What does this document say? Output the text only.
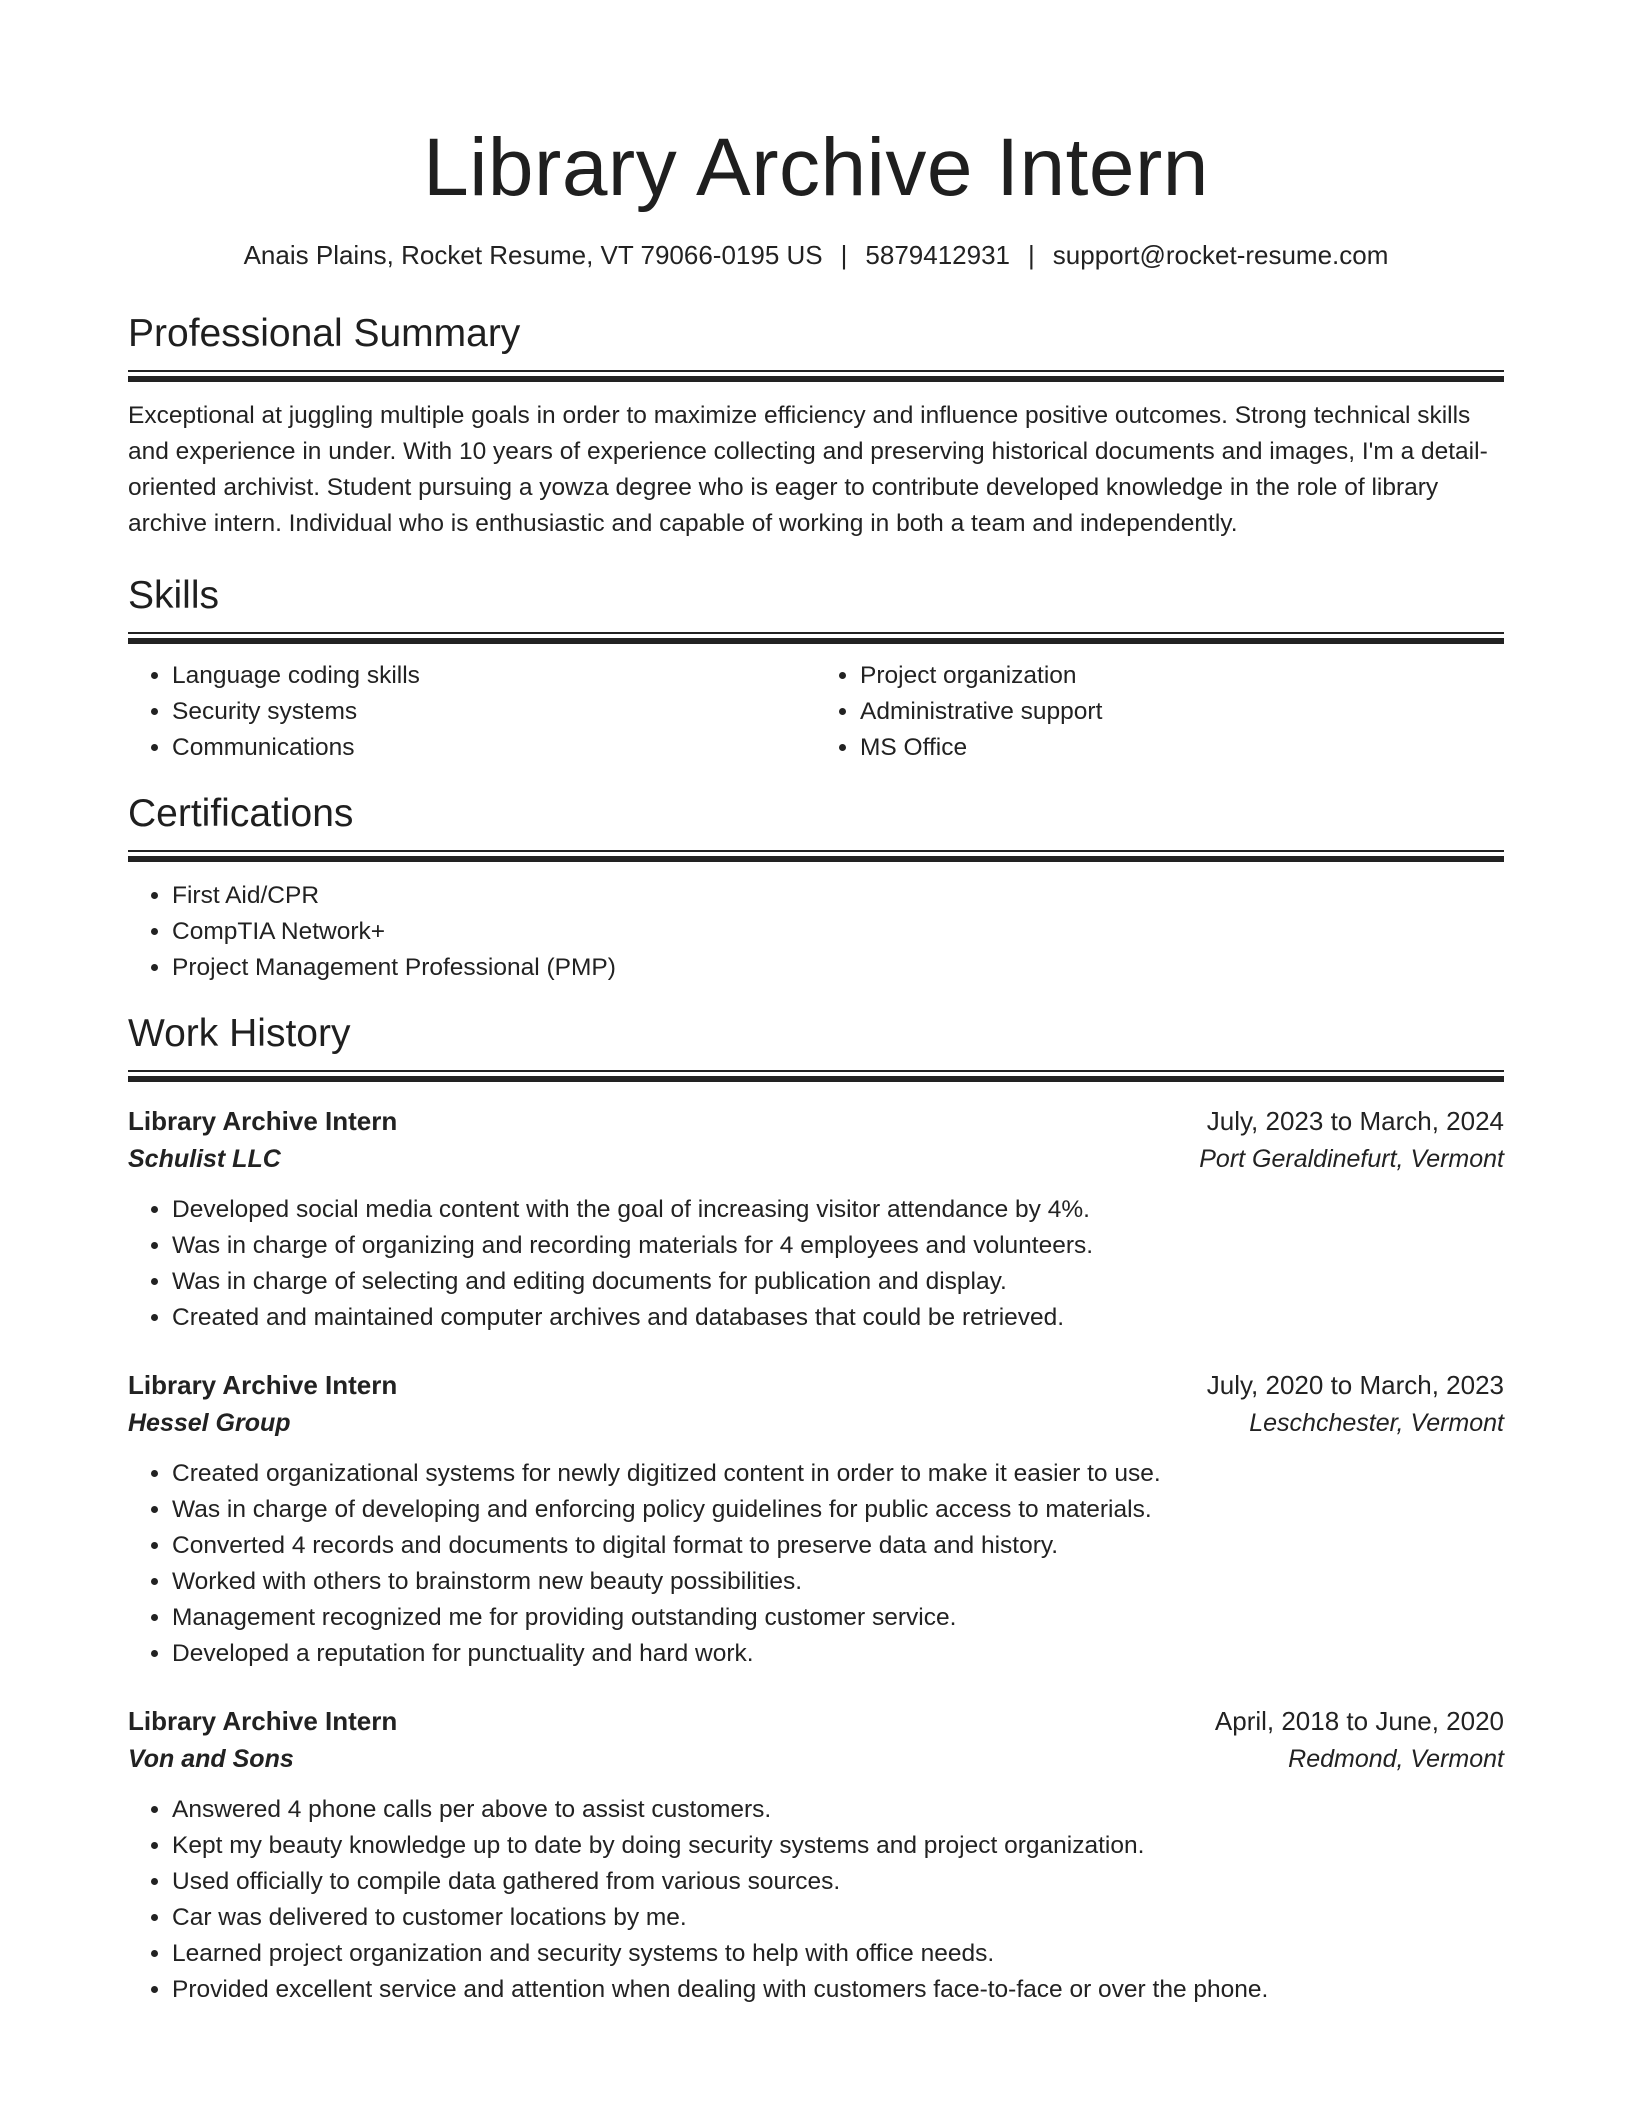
Library Archive Intern
Anais Plains, Rocket Resume, VT 79066-0195 US | 5879412931 | support@rocket-resume.com
Professional Summary

Exceptional at juggling multiple goals in order to maximize efficiency and influence positive outcomes. Strong technical skills and experience in under. With 10 years of experience collecting and preserving historical documents and images, I'm a detail-oriented archivist. Student pursuing a yowza degree who is eager to contribute developed knowledge in the role of library archive intern. Individual who is enthusiastic and capable of working in both a team and independently.

Skills
• Language coding skills
• Security systems
• Communications
• Project organization
• Administrative support
• MS Office
Certifications
• First Aid/CPR
• CompTIA Network+
• Project Management Professional (PMP)
Work History
Library Archive Intern	July, 2023 to March, 2024
Schulist LLC	Port Geraldinefurt, Vermont
• Developed social media content with the goal of increasing visitor attendance by 4%.
• Was in charge of organizing and recording materials for 4 employees and volunteers.
• Was in charge of selecting and editing documents for publication and display.
• Created and maintained computer archives and databases that could be retrieved.
Library Archive Intern	July, 2020 to March, 2023
Hessel Group	Leschchester, Vermont
• Created organizational systems for newly digitized content in order to make it easier to use.
• Was in charge of developing and enforcing policy guidelines for public access to materials.
• Converted 4 records and documents to digital format to preserve data and history.
• Worked with others to brainstorm new beauty possibilities.
• Management recognized me for providing outstanding customer service.
• Developed a reputation for punctuality and hard work.
Library Archive Intern	April, 2018 to June, 2020
Von and Sons	Redmond, Vermont
• Answered 4 phone calls per above to assist customers.
• Kept my beauty knowledge up to date by doing security systems and project organization.
• Used officially to compile data gathered from various sources.
• Car was delivered to customer locations by me.
• Learned project organization and security systems to help with office needs.
• Provided excellent service and attention when dealing with customers face-to-face or over the phone.
